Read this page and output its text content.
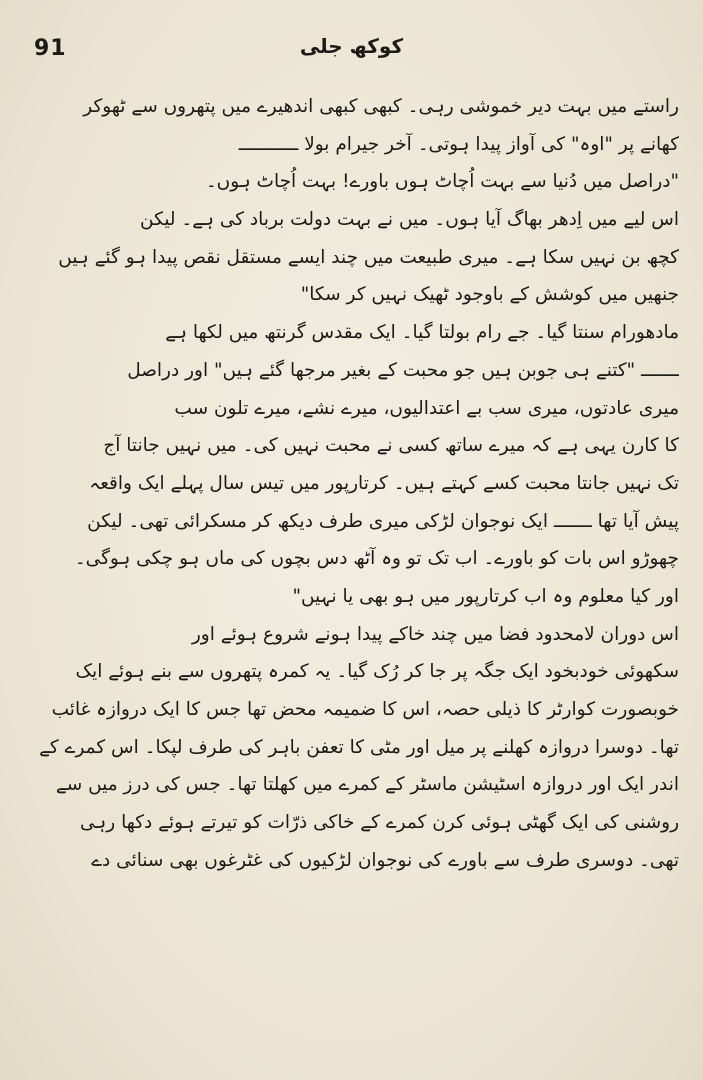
91	کوکھ جلی
راستے میں بہت دیر خموشی رہی۔ کبھی کبھی اندھیرے میں پتھروں سے ٹھوکر
کھانے پر "اوہ" کی آواز پیدا ہوتی۔ آخر جیرام بولا ـــــــــــ
"دراصل میں دُنیا سے بہت اُچاٹ ہوں باورے! بہت اُچاٹ ہوں۔
اس لیے میں اِدھر بھاگ آیا ہوں۔ میں نے بہت دولت برباد کی ہے۔ لیکن
کچھ بن نہیں سکا ہے۔ میری طبیعت میں چند ایسے مستقل نقص پیدا ہو گئے ہیں
جنھیں میں کوشش کے باوجود ٹھیک نہیں کر سکا"
مادھورام سنتا گیا۔ جے رام بولتا گیا۔ ایک مقدس گرنتھ میں لکھا ہے
ـــــــ "کتنے ہی جوبن ہیں جو محبت کے بغیر مرجھا گئے ہیں" اور دراصل
میری عادتوں، میری سب بے اعتدالیوں، میرے نشے، میرے تلون سب
کا کارن یہی ہے کہ میرے ساتھ کسی نے محبت نہیں کی۔ میں نہیں جانتا آج
تک نہیں جانتا محبت کسے کہتے ہیں۔ کرتارپور میں تیس سال پہلے ایک واقعہ
پیش آیا تھا ـــــــ ایک نوجوان لڑکی میری طرف دیکھ کر مسکرائی تھی۔ لیکن
چھوڑو اس بات کو باورے۔ اب تک تو وہ آٹھ دس بچوں کی ماں ہو چکی ہوگی۔
اور کیا معلوم وہ اب کرتارپور میں ہو بھی یا نہیں"
اس دوران لامحدود فضا میں چند خاکے پیدا ہونے شروع ہوئے اور
سکھوئی خودبخود ایک جگہ پر جا کر رُک گیا۔ یہ کمرہ پتھروں سے بنے ہوئے ایک
خوبصورت کوارٹر کا ذیلی حصہ، اس کا ضمیمہ محض تھا جس کا ایک دروازہ غائب
تھا۔ دوسرا دروازہ کھلنے پر میل اور مٹی کا تعفن باہر کی طرف لپکا۔ اس کمرے کے
اندر ایک اور دروازہ اسٹیشن ماسٹر کے کمرے میں کھلتا تھا۔ جس کی درز میں سے
روشنی کی ایک گھٹی ہوئی کرن کمرے کے خاکی ذرّات کو تیرتے ہوئے دکھا رہی
تھی۔ دوسری طرف سے باورے کی نوجوان لڑکیوں کی غٹرغوں بھی سنائی دے
